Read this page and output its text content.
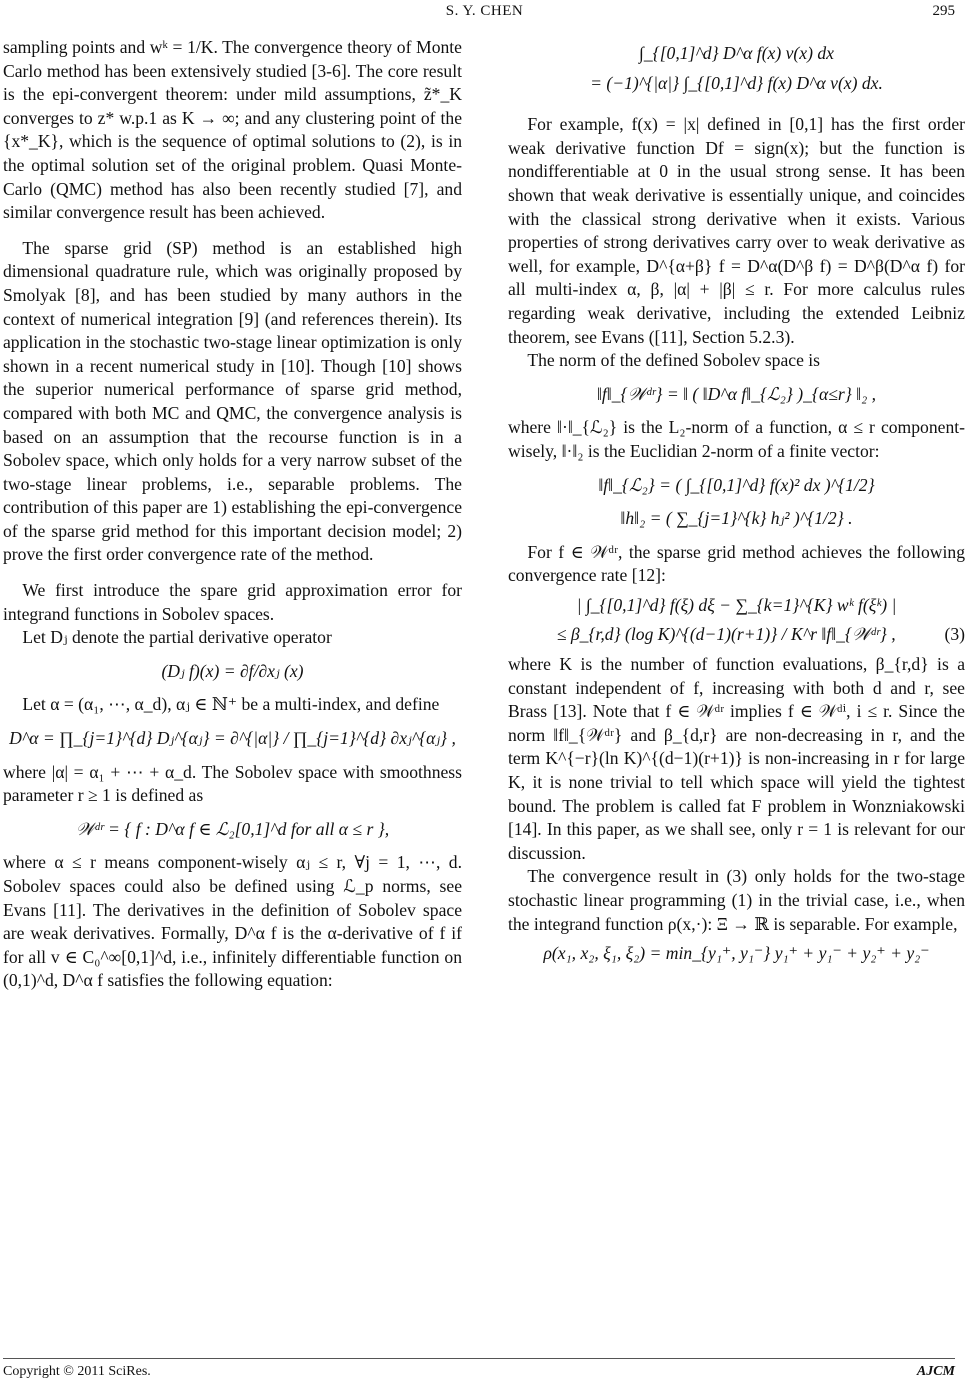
S. Y. CHEN	295

sampling points and wᵏ = 1/K. The convergence theory of Monte Carlo method has been extensively studied [3-6]. The core result is the epi-convergent theorem: under mild assumptions, z̃*_K converges to z* w.p.1 as K → ∞; and any clustering point of the {x*_K}, which is the sequence of optimal solutions to (2), is in the optimal solution set of the original problem. Quasi Monte-Carlo (QMC) method has also been recently studied [7], and similar convergence result has been achieved.

The sparse grid (SP) method is an established high dimensional quadrature rule, which was originally proposed by Smolyak [8], and has been studied by many authors in the context of numerical integration [9] (and references therein). Its application in the stochastic two-stage linear optimization is only shown in a recent numerical study in [10]. Though [10] shows the superior numerical performance of sparse grid method, compared with both MC and QMC, the convergence analysis is based on an assumption that the recourse function is in a Sobolev space, which only holds for a very narrow subset of the two-stage linear problems, i.e., separable problems. The contribution of this paper are 1) establishing the epi-convergence of the sparse grid method for this important decision model; 2) prove the first order convergence rate of the method.

We first introduce the spare grid approximation error for integrand functions in Sobolev spaces.

Let Dⱼ denote the partial derivative operator

(Dⱼ f)(x) = ∂f/∂xⱼ (x)

Let α = (α₁, ⋯, α_d), αⱼ ∈ ℕ⁺ be a multi-index, and define

D^α = ∏_{j=1}^{d} Dⱼ^{αⱼ} = ∂^{|α|} / ∏_{j=1}^{d} ∂xⱼ^{αⱼ} ,

where |α| = α₁ + ⋯ + α_d. The Sobolev space with smoothness parameter r ≥ 1 is defined as

𝒲ᵈʳ = { f : D^α f ∈ ℒ₂[0,1]^d for all α ≤ r },

where α ≤ r means component-wisely αⱼ ≤ r, ∀j = 1, ⋯, d. Sobolev spaces could also be defined using ℒ_p norms, see Evans [11]. The derivatives in the definition of Sobolev space are weak derivatives. Formally, D^α f is the α-derivative of f if for all v ∈ C₀^∞[0,1]^d, i.e., infinitely differentiable function on (0,1)^d, D^α f satisfies the following equation:

∫_{[0,1]^d} D^α f(x) v(x) dx
= (−1)^{|α|} ∫_{[0,1]^d} f(x) D^α v(x) dx.

For example, f(x) = |x| defined in [0,1] has the first order weak derivative function Df = sign(x); but the function is nondifferentiable at 0 in the usual strong sense. It has been shown that weak derivative is essentially unique, and coincides with the classical strong derivative when it exists. Various properties of strong derivatives carry over to weak derivative as well, for example, D^{α+β} f = D^α(D^β f) = D^β(D^α f) for all multi-index α, β, |α| + |β| ≤ r. For more calculus rules regarding weak derivative, including the extended Leibniz theorem, see Evans ([11], Section 5.2.3).

The norm of the defined Sobolev space is

‖f‖_{𝒲ᵈʳ} = ‖ ( ‖D^α f‖_{ℒ₂} )_{α≤r} ‖₂ ,

where ‖·‖_{ℒ₂} is the L₂-norm of a function, α ≤ r component-wisely, ‖·‖₂ is the Euclidian 2-norm of a finite vector:

‖f‖_{ℒ₂} = ( ∫_{[0,1]^d} f(x)² dx )^{1/2}
‖h‖₂ = ( ∑_{j=1}^{k} hⱼ² )^{1/2} .

For f ∈ 𝒲ᵈʳ, the sparse grid method achieves the following convergence rate [12]:

| ∫_{[0,1]^d} f(ξ) dξ − ∑_{k=1}^{K} wᵏ f(ξᵏ) |
≤ β_{r,d} (log K)^{(d−1)(r+1)} / K^r ‖f‖_{𝒲ᵈʳ} ,	(3)

where K is the number of function evaluations, β_{r,d} is a constant independent of f, increasing with both d and r, see Brass [13]. Note that f ∈ 𝒲ᵈʳ implies f ∈ 𝒲ᵈⁱ, i ≤ r. Since the norm ‖f‖_{𝒲ᵈʳ} and β_{d,r} are non-decreasing in r, and the term K^{−r}(ln K)^{(d−1)(r+1)} is non-increasing in r for large K, it is none trivial to tell which space will yield the tightest bound. The problem is called fat F problem in Wonzniakowski [14]. In this paper, as we shall see, only r = 1 is relevant for our discussion.

The convergence result in (3) only holds for the two-stage stochastic linear programming (1) in the trivial case, i.e., when the integrand function ρ(x,·): Ξ → ℝ is separable. For example,

ρ(x₁, x₂, ξ₁, ξ₂) = min_{y₁⁺, y₁⁻} y₁⁺ + y₁⁻ + y₂⁺ + y₂⁻
Copyright © 2011 SciRes.	AJCM
